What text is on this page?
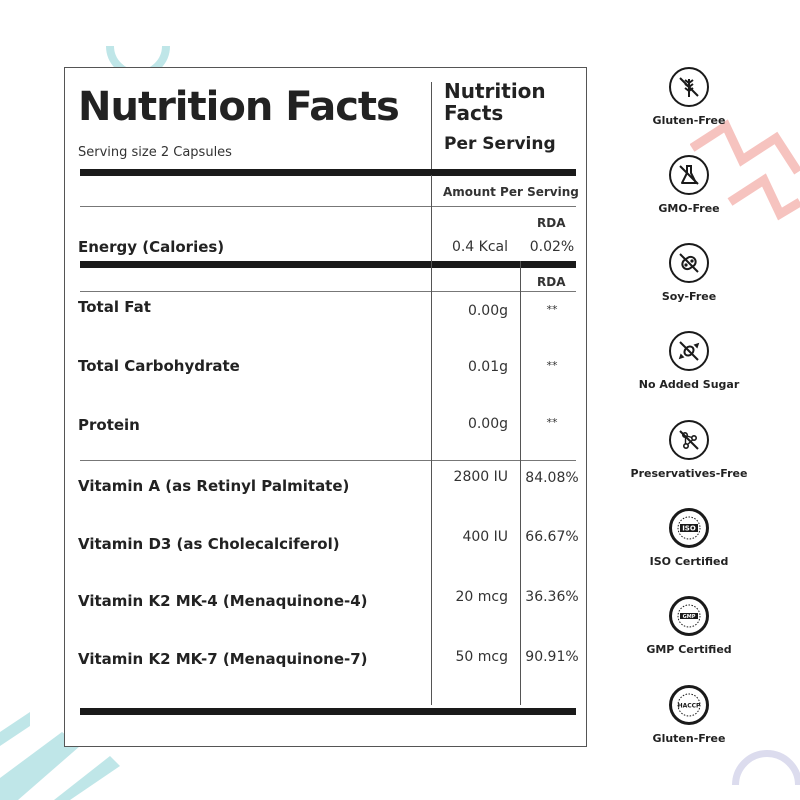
Nutrition Facts
Serving size 2 Capsules
Nutrition Facts
Per Serving
Amount Per Serving
RDA
RDA
Energy (Calories)	0.4 Kcal	0.02%
Total Fat	0.00g	**
Total Carbohydrate	0.01g	**
Protein	0.00g	**
Vitamin A (as Retinyl Palmitate)	2800 IU 84.08%
Vitamin D3 (as Cholecalciferol)	400 IU 66.67%
Vitamin K2 MK-4 (Menaquinone-4)	20 mcg 36.36%
Vitamin K2 MK-7 (Menaquinone-7)	50 mcg 90.91%
Gluten-Free
GMO-Free
Soy-Free
No Added Sugar
Preservatives-Free
ISO
ISO Certified
GMP
GMP Certified
HACCP
Gluten-Free
